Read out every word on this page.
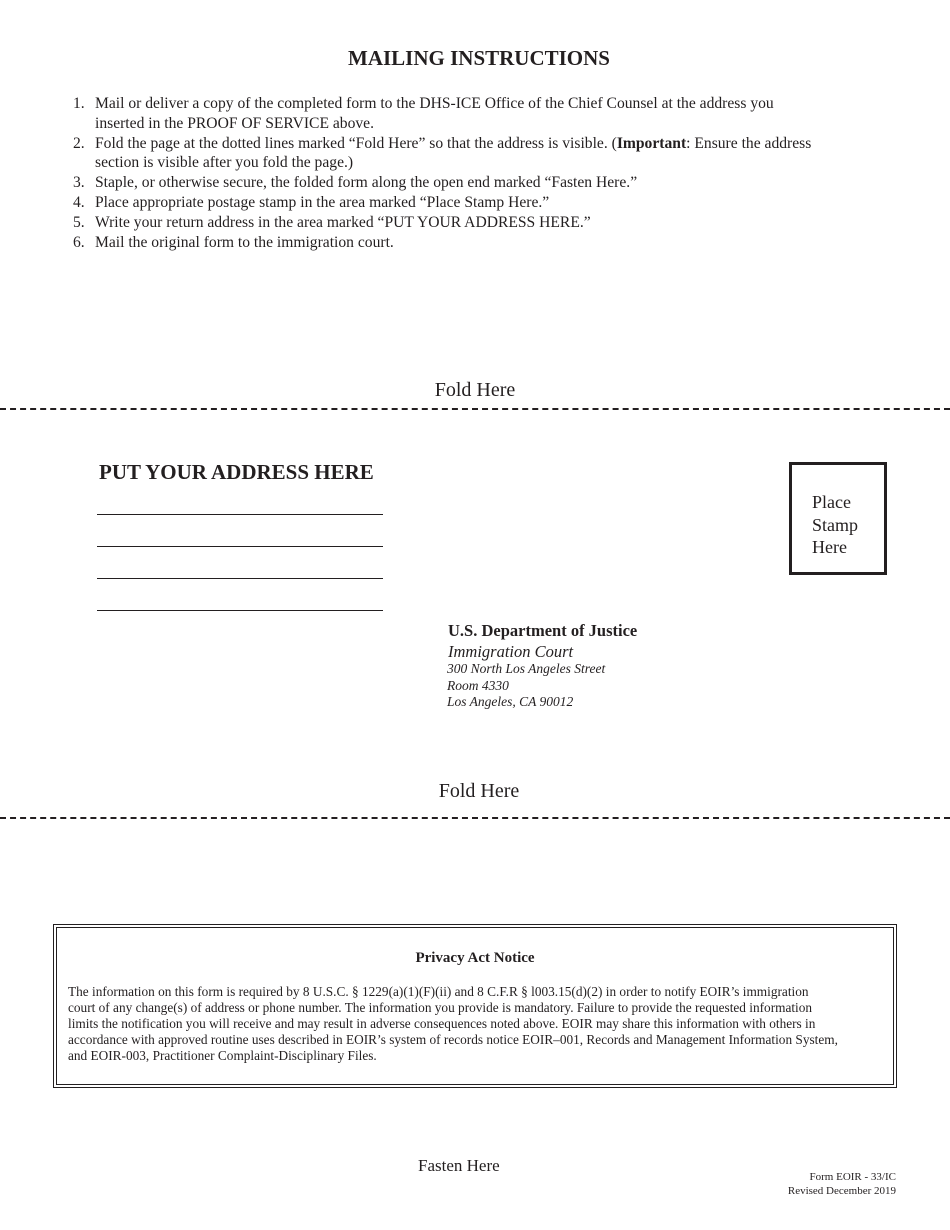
MAILING INSTRUCTIONS
1. Mail or deliver a copy of the completed form to the DHS-ICE Office of the Chief Counsel at the address you
inserted in the PROOF OF SERVICE above.
2. Fold the page at the dotted lines marked “Fold Here” so that the address is visible. (Important: Ensure the address
section is visible after you fold the page.)
3. Staple, or otherwise secure, the folded form along the open end marked “Fasten Here.”
4. Place appropriate postage stamp in the area marked “Place Stamp Here.”
5. Write your return address in the area marked “PUT YOUR ADDRESS HERE.”
6. Mail the original form to the immigration court.
Fold Here
PUT YOUR ADDRESS HERE
Place
Stamp
Here
U.S. Department of Justice
Immigration Court
300 North Los Angeles Street
Room 4330
Los Angeles, CA 90012
Fold Here
Privacy Act Notice

The information on this form is required by 8 U.S.C. § 1229(a)(1)(F)(ii) and 8 C.F.R § l003.15(d)(2) in order to notify EOIR’s immigration
court of any change(s) of address or phone number. The information you provide is mandatory. Failure to provide the requested information
limits the notification you will receive and may result in adverse consequences noted above. EOIR may share this information with others in
accordance with approved routine uses described in EOIR’s system of records notice EOIR–001, Records and Management Information System,
and EOIR-003, Practitioner Complaint-Disciplinary Files.

Fasten Here
Form EOIR - 33/IC
Revised December 2019
